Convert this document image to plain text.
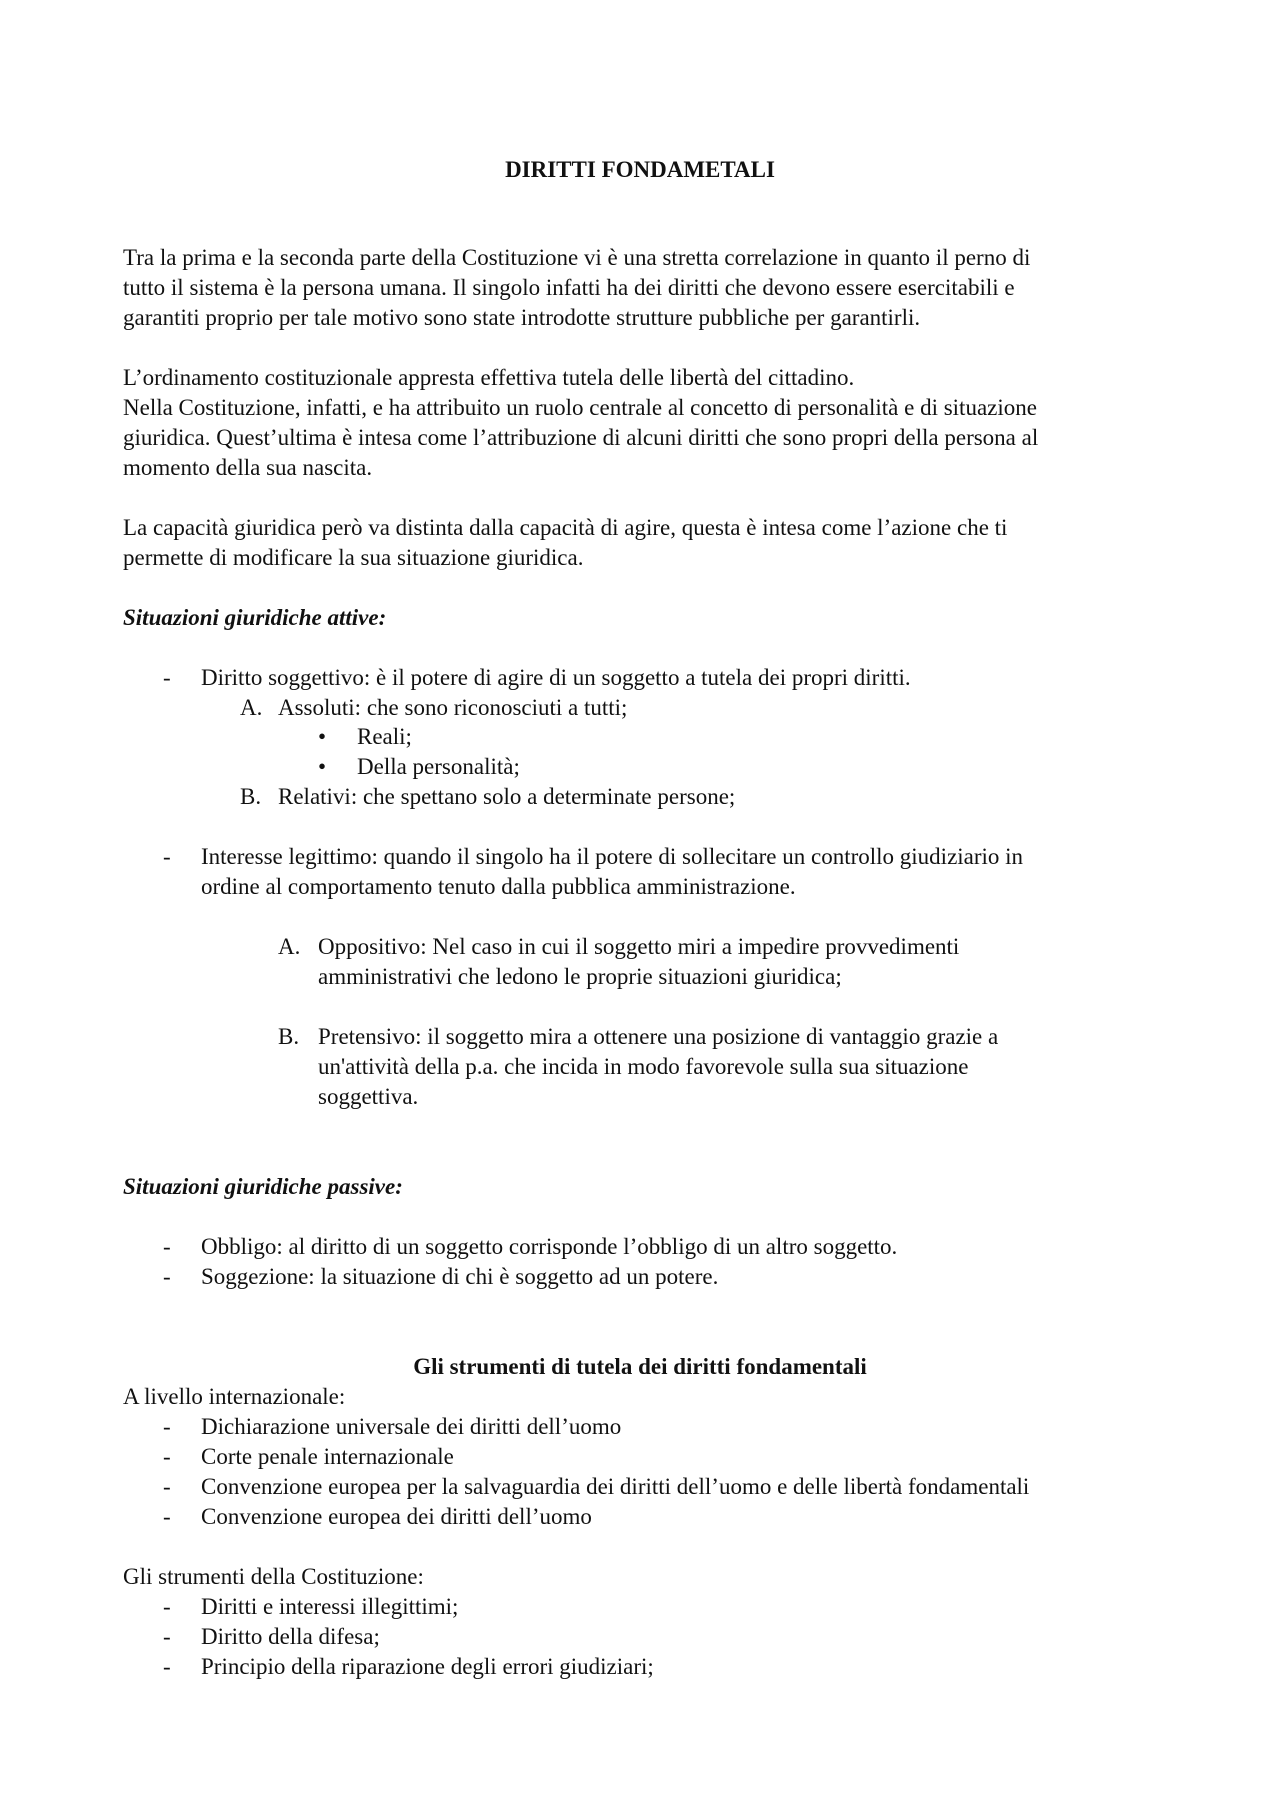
DIRITTI FONDAMETALI
Tra la prima e la seconda parte della Costituzione vi è una stretta correlazione in quanto il perno di
tutto il sistema è la persona umana. Il singolo infatti ha dei diritti che devono essere esercitabili e
garantiti proprio per tale motivo sono state introdotte strutture pubbliche per garantirli.
L’ordinamento costituzionale appresta effettiva tutela delle libertà del cittadino.
Nella Costituzione, infatti, e ha attribuito un ruolo centrale al concetto di personalità e di situazione
giuridica. Quest’ultima è intesa come l’attribuzione di alcuni diritti che sono propri della persona al
momento della sua nascita.
La capacità giuridica però va distinta dalla capacità di agire, questa è intesa come l’azione che ti
permette di modificare la sua situazione giuridica.
Situazioni giuridiche attive:
- Diritto soggettivo: è il potere di agire di un soggetto a tutela dei propri diritti.
A. Assoluti: che sono riconosciuti a tutti;
• Reali;
• Della personalità;
B. Relativi: che spettano solo a determinate persone;
- Interesse legittimo: quando il singolo ha il potere di sollecitare un controllo giudiziario in
ordine al comportamento tenuto dalla pubblica amministrazione.
A. Oppositivo: Nel caso in cui il soggetto miri a impedire provvedimenti
amministrativi che ledono le proprie situazioni giuridica;
B. Pretensivo: il soggetto mira a ottenere una posizione di vantaggio grazie a
un'attività della p.a. che incida in modo favorevole sulla sua situazione
soggettiva.
Situazioni giuridiche passive:
- Obbligo: al diritto di un soggetto corrisponde l’obbligo di un altro soggetto.
- Soggezione: la situazione di chi è soggetto ad un potere.
Gli strumenti di tutela dei diritti fondamentali
A livello internazionale:
- Dichiarazione universale dei diritti dell’uomo
- Corte penale internazionale
- Convenzione europea per la salvaguardia dei diritti dell’uomo e delle libertà fondamentali
- Convenzione europea dei diritti dell’uomo
Gli strumenti della Costituzione:
- Diritti e interessi illegittimi;
- Diritto della difesa;
- Principio della riparazione degli errori giudiziari;
